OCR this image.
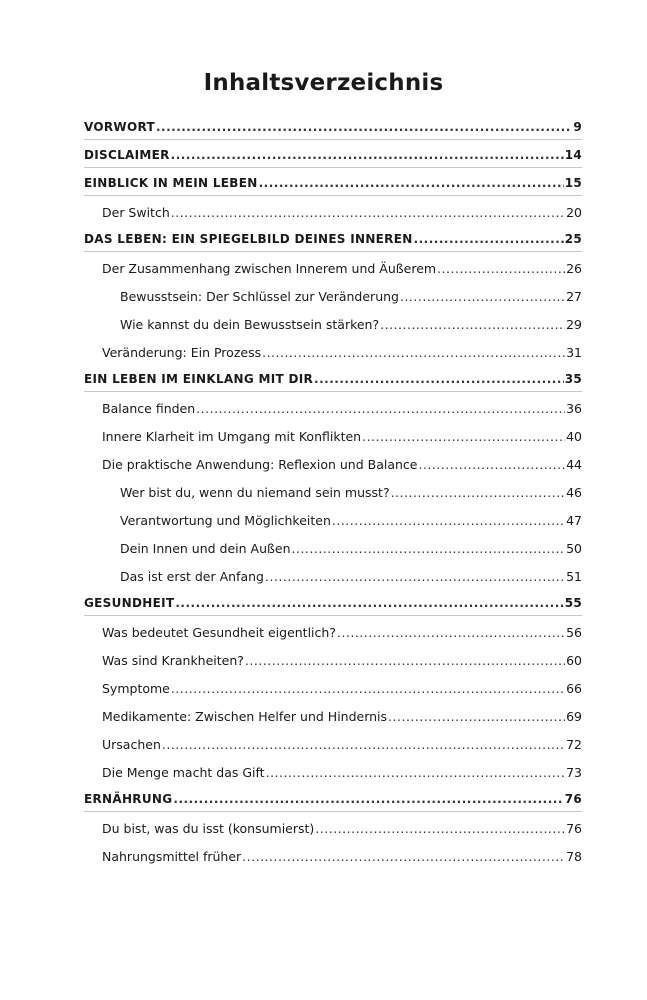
Inhaltsverzeichnis
VORWORT .....	9
DISCLAIMER .....	14
EINBLICK IN MEIN LEBEN .....	15
Der Switch .....	20
DAS LEBEN: EIN SPIEGELBILD DEINES INNEREN .....	25
Der Zusammenhang zwischen Innerem und Äußerem .....	26
Bewusstsein: Der Schlüssel zur Veränderung .....	27
Wie kannst du dein Bewusstsein stärken? .....	29
Veränderung: Ein Prozess .....	31
EIN LEBEN IM EINKLANG MIT DIR .....	35
Balance finden .....	36
Innere Klarheit im Umgang mit Konflikten .....	40
Die praktische Anwendung: Reflexion und Balance .....	44
Wer bist du, wenn du niemand sein musst? .....	46
Verantwortung und Möglichkeiten .....	47
Dein Innen und dein Außen .....	50
Das ist erst der Anfang .....	51
GESUNDHEIT .....	55
Was bedeutet Gesundheit eigentlich? .....	56
Was sind Krankheiten? .....	60
Symptome .....	66
Medikamente: Zwischen Helfer und Hindernis .....	69
Ursachen .....	72
Die Menge macht das Gift .....	73
ERNÄHRUNG .....	76
Du bist, was du isst (konsumierst) .....	76
Nahrungsmittel früher .....	78
